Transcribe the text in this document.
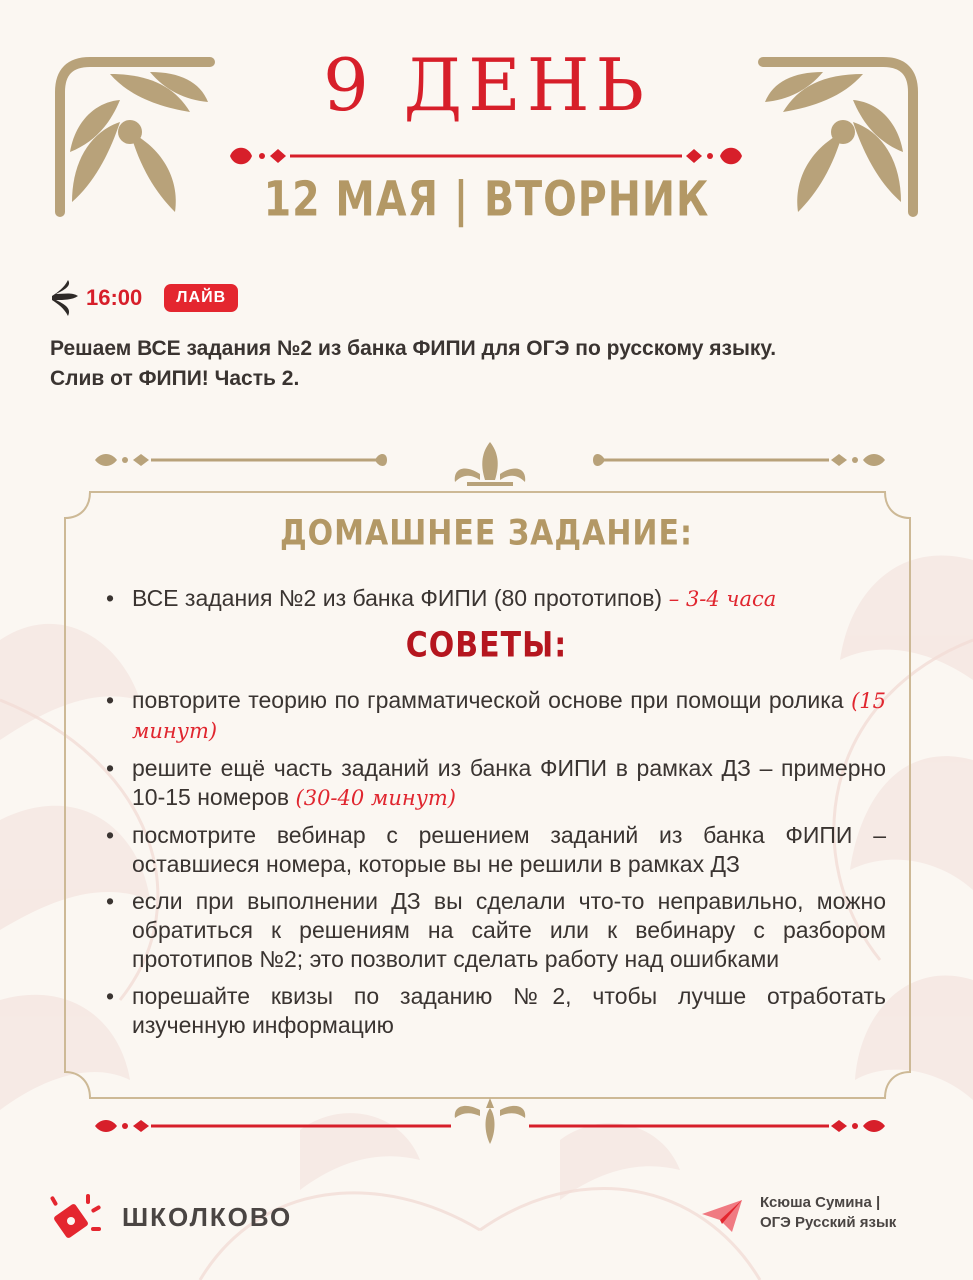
9 ДЕНЬ
12 МАЯ | ВТОРНИК
16:00	ЛАЙВ
Решаем ВСЕ задания №2 из банка ФИПИ для ОГЭ по русскому языку.
Слив от ФИПИ! Часть 2.
ДОМАШНЕЕ ЗАДАНИЕ:
• ВСЕ задания №2 из банка ФИПИ (80 прототипов) – 3-4 часа
СОВЕТЫ:
• повторите теорию по грамматической основе при помощи ролика (15 минут)
• решите ещё часть заданий из банка ФИПИ в рамках ДЗ – примерно 10-15 номеров (30-40 минут)
• посмотрите вебинар с решением заданий из банка ФИПИ – оставшиеся номера, которые вы не решили в рамках ДЗ
• если при выполнении ДЗ вы сделали что-то неправильно, можно обратиться к решениям на сайте или к вебинару с разбором прототипов №2; это позволит сделать работу над ошибками
• порешайте квизы по заданию №2, чтобы лучше отработать изученную информацию
ШКОЛКОВО	Ксюша Сумина |
ОГЭ Русский язык
